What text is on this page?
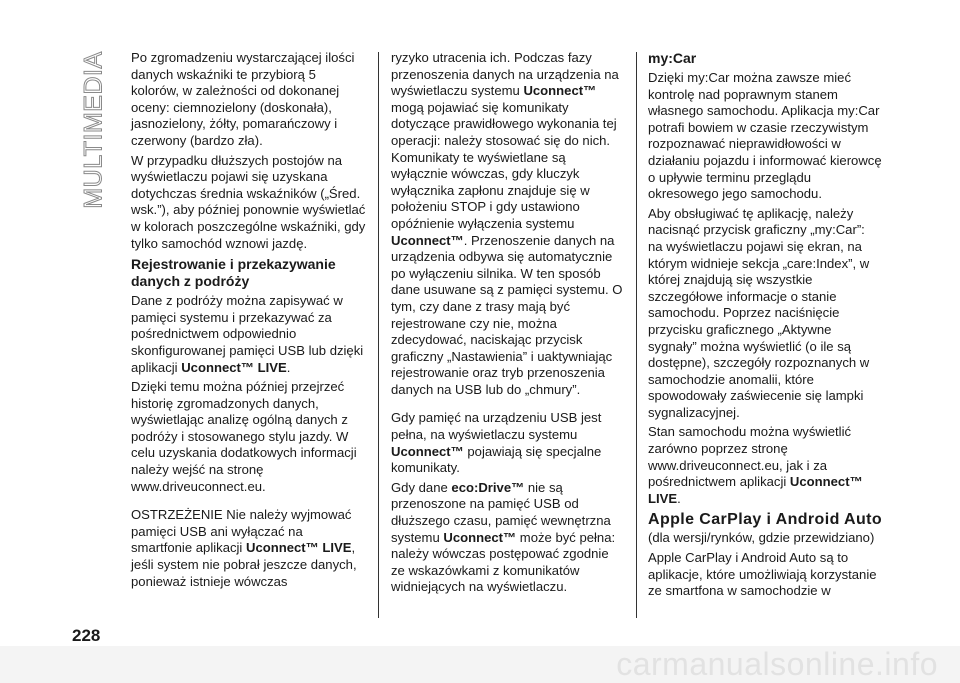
MULTIMEDIA Po zgromadzeniu wystarczającej ilości danych wskaźniki te przybiorą 5 kolorów, w zależności od dokonanej oceny: ciemnozielony (doskonała), jasnozielony, żółty, pomarańczowy i czerwony (bardzo zła).

W przypadku dłuższych postojów na wyświetlaczu pojawi się uzyskana dotychczas średnia wskaźników („Śred. wsk.”), aby później ponownie wyświetlać w kolorach poszczególne wskaźniki, gdy tylko samochód wznowi jazdę.

Rejestrowanie i przekazywanie danych z podróży

Dane z podróży można zapisywać w pamięci systemu i przekazywać za pośrednictwem odpowiednio skonfigurowanej pamięci USB lub dzięki aplikacji Uconnect™ LIVE.

Dzięki temu można później przejrzeć historię zgromadzonych danych, wyświetlając analizę ogólną danych z podróży i stosowanego stylu jazdy. W celu uzyskania dodatkowych informacji należy wejść na stronę www.driveuconnect.eu.

OSTRZEŻENIE Nie należy wyjmować pamięci USB ani wyłączać na smartfonie aplikacji Uconnect™ LIVE, jeśli system nie pobrał jeszcze danych, ponieważ istnieje wówczas

ryzyko utracenia ich. Podczas fazy przenoszenia danych na urządzenia na wyświetlaczu systemu Uconnect™ mogą pojawiać się komunikaty dotyczące prawidłowego wykonania tej operacji: należy stosować się do nich. Komunikaty te wyświetlane są wyłącznie wówczas, gdy kluczyk wyłącznika zapłonu znajduje się w położeniu STOP i gdy ustawiono opóźnienie wyłączenia systemu Uconnect™. Przenoszenie danych na urządzenia odbywa się automatycznie po wyłączeniu silnika. W ten sposób dane usuwane są z pamięci systemu. O tym, czy dane z trasy mają być rejestrowane czy nie, można zdecydować, naciskając przycisk graficzny „Nastawienia” i uaktywniając rejestrowanie oraz tryb przenoszenia danych na USB lub do „chmury”.

Gdy pamięć na urządzeniu USB jest pełna, na wyświetlaczu systemu Uconnect™ pojawiają się specjalne komunikaty.

Gdy dane eco:Drive™ nie są przenoszone na pamięć USB od dłuższego czasu, pamięć wewnętrzna systemu Uconnect™ może być pełna: należy wówczas postępować zgodnie ze wskazówkami z komunikatów widniejących na wyświetlaczu.

my:Car

Dzięki my:Car można zawsze mieć kontrolę nad poprawnym stanem własnego samochodu. Aplikacja my:Car potrafi bowiem w czasie rzeczywistym rozpoznawać nieprawidłowości w działaniu pojazdu i informować kierowcę o upływie terminu przeglądu okresowego jego samochodu.

Aby obsługiwać tę aplikację, należy nacisnąć przycisk graficzny „my:Car”: na wyświetlaczu pojawi się ekran, na którym widnieje sekcja „care:Index”, w której znajdują się wszystkie szczegółowe informacje o stanie samochodu. Poprzez naciśnięcie przycisku graficznego „Aktywne sygnały” można wyświetlić (o ile są dostępne), szczegóły rozpoznanych w samochodzie anomalii, które spowodowały zaświecenie się lampki sygnalizacyjnej.

Stan samochodu można wyświetlić zarówno poprzez stronę www.driveuconnect.eu, jak i za pośrednictwem aplikacji Uconnect™ LIVE.

Apple CarPlay i Android Auto

(dla wersji/rynków, gdzie przewidziano)

Apple CarPlay i Android Auto są to aplikacje, które umożliwiają korzystanie ze smartfona w samochodzie w

228
carmanualsonline.info
